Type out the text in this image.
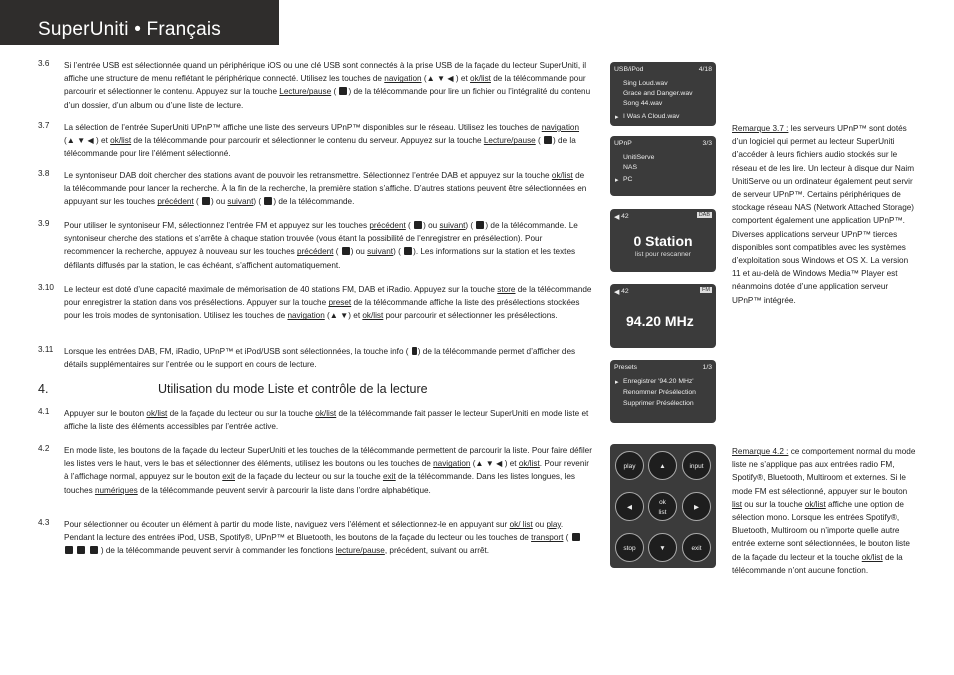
SuperUniti • Français
3.6 Si l’entrée USB est sélectionnée quand un périphérique iOS ou une clé USB sont connectés à la prise USB de la façade du lecteur SuperUniti, il affiche une structure de menu reflétant le périphérique connecté. Utilisez les touches de navigation (▲ ▼ ◀ ) et ok/list de la télécommande pour parcourir et sélectionner le contenu. Appuyez sur la touche Lecture/pause ( ) de la télécommande pour lire un fichier ou l’intégralité du contenu d’un dossier, d’un album ou d’une liste de lecture.
3.7 La sélection de l’entrée SuperUniti UPnP™ affiche une liste des serveurs UPnP™ disponibles sur le réseau. Utilisez les touches de navigation (▲ ▼ ◀ ) et ok/list de la télécommande pour parcourir et sélectionner le contenu du serveur. Appuyez sur la touche Lecture/pause ( ) de la télécommande pour lire l’élément sélectionné.
3.8 Le syntoniseur DAB doit chercher des stations avant de pouvoir les retransmettre. Sélectionnez l’entrée DAB et appuyez sur la touche ok/list de la télécommande pour lancer la recherche. À la fin de la recherche, la première station s’affiche. D’autres stations peuvent être sélectionnées en appuyant sur les touches précédent ( ) ou suivant) ( ) de la télécommande.
3.9 Pour utiliser le syntoniseur FM, sélectionnez l’entrée FM et appuyez sur les touches précédent ( ) ou suivant) ( ) de la télécommande. Le syntoniseur cherche des stations et s’arrête à chaque station trouvée (vous étant la possibilité de l’enregistrer en présélection). Pour recommencer la recherche, appuyez à nouveau sur les touches précédent ( ) ou suivant) ( ). Les informations sur la station et les textes défilants diffusés par la station, le cas échéant, s’affichent automatiquement.
3.10 Le lecteur est doté d’une capacité maximale de mémorisation de 40 stations FM, DAB et iRadio. Appuyez sur la touche store de la télécommande pour enregistrer la station dans vos présélections. Appuyer sur la touche preset de la télécommande affiche la liste des présélections stockées pour les trois modes de syntonisation. Utilisez les touches de navigation (▲ ▼) et ok/list pour parcourir et sélectionner les présélections.
3.11 Lorsque les entrées DAB, FM, iRadio, UPnP™ et iPod/USB sont sélectionnées, la touche info ( ) de la télécommande permet d’afficher des détails supplémentaires sur l’entrée ou le support en cours de lecture.
4.1 Appuyer sur le bouton ok/list de la façade du lecteur ou sur la touche ok/list de la télécommande fait passer le lecteur SuperUniti en mode liste et affiche la liste des éléments accessibles par l’entrée active.
4.2 En mode liste, les boutons de la façade du lecteur SuperUniti et les touches de la télécommande permettent de parcourir la liste. Pour faire défiler les listes vers le haut, vers le bas et sélectionner des éléments, utilisez les boutons ou les touches de navigation (▲ ▼ ◀ ) et ok/list. Pour revenir à l’affichage normal, appuyez sur le bouton exit de la façade du lecteur ou sur la touche exit de la télécommande. Dans les listes longues, les touches numériques de la télécommande peuvent servir à parcourir la liste dans l’ordre alphabétique.
4.3 Pour sélectionner ou écouter un élément à partir du mode liste, naviguez vers l’élément et sélectionnez-le en appuyant sur ok/ list ou play. Pendant la lecture des entrées iPod, USB, Spotify®, UPnP™ et Bluetooth, les boutons de la façade du lecteur ou les touches de transport (     ) de la télécommande peuvent servir à commander les fonctions lecture/pause, précédent, suivant ou arrêt.
4.	Utilisation du mode Liste et contrôle de la lecture
USB/iPod	4/18
Sing Loud.wav
Grace and Danger.wav
Song 44.wav
▸ I Was A Cloud.wav
UPnP	3/3
UnitiServe
NAS
▸ PC
◀
42	DAB
0 Station
list pour rescanner
◀
42	FM
94.20 MHz
Presets	1/3
▸ Enregistrer '94.20 MHz'
Renommer Présélection
Supprimer Présélection
play	▲	input
◀
ok
list
▶
stop	▼	exit
Remarque 3.7 : les serveurs UPnP™ sont dotés d’un logiciel qui permet au lecteur SuperUniti d’accéder à leurs fichiers audio stockés sur le réseau et de les lire. Un lecteur à disque dur Naim UnitiServe ou un ordinateur également peut servir de serveur UPnP™. Certains périphériques de stockage réseau NAS (Network Attached Storage) comportent également une application UPnP™. Diverses applications serveur UPnP™ tierces disponibles sont compatibles avec les systèmes d’exploitation sous Windows et OS X. La version 11 et au-delà de Windows Media™ Player est néanmoins dotée d’une application serveur UPnP™ intégrée.
Remarque 4.2 : ce comportement normal du mode liste ne s’applique pas aux entrées radio FM, Spotify®, Bluetooth, Multiroom et externes. Si le mode FM est sélectionné, appuyer sur le bouton list ou sur la touche ok/list affiche une option de sélection mono. Lorsque les entrées Spotify®, Bluetooth, Multiroom ou n’importe quelle autre entrée externe sont sélectionnées, le bouton liste de la façade du lecteur et la touche ok/list de la télécommande n’ont aucune fonction.
